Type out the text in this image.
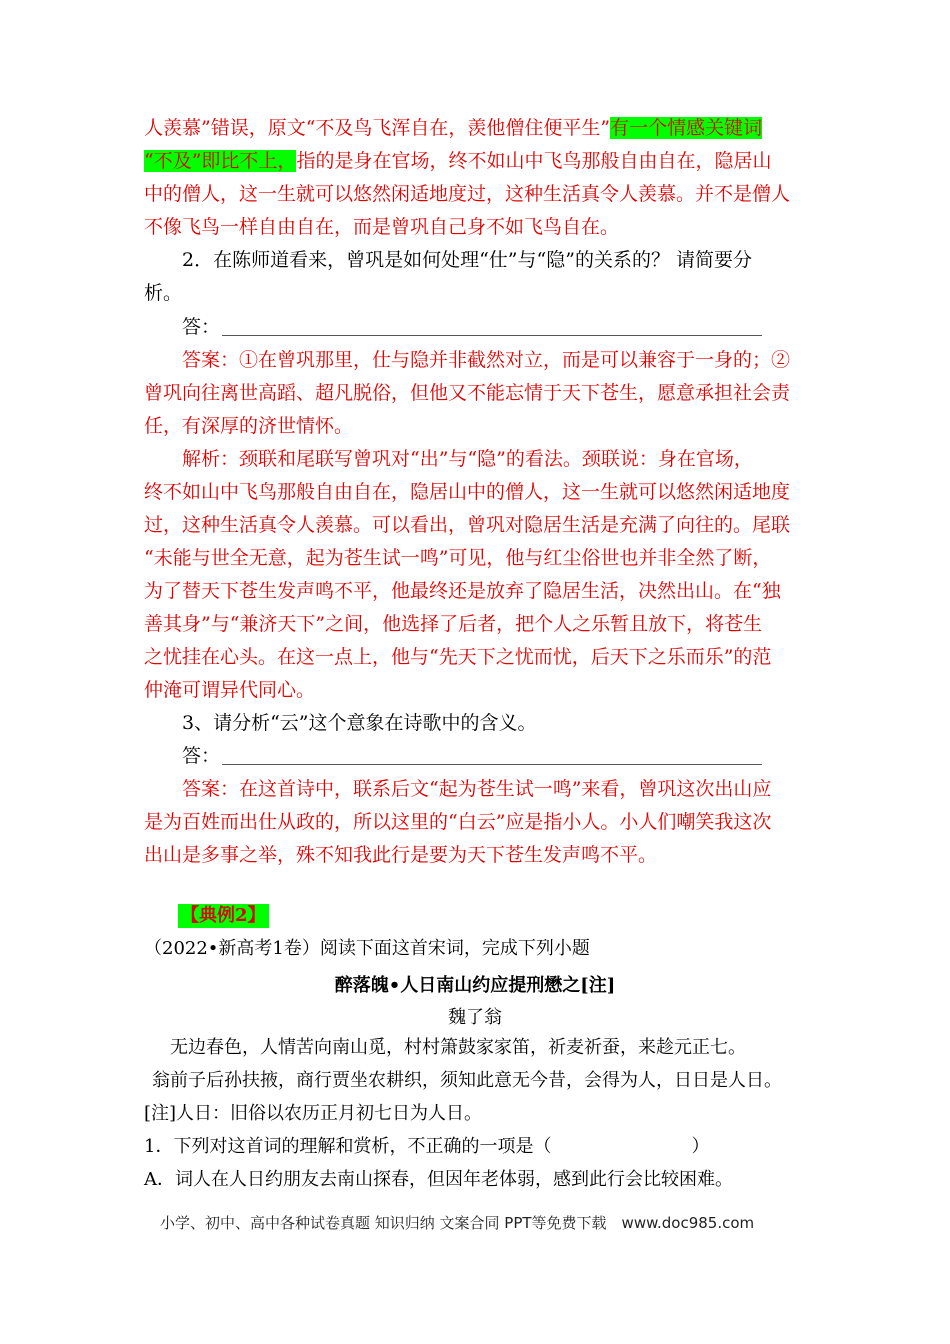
人羡慕”错误，原文“不及鸟飞浑自在，羡他僧住便平生”有一个情感关键词
“不及”即比不上，指的是身在官场，终不如山中飞鸟那般自由自在，隐居山
中的僧人，这一生就可以悠然闲适地度过，这种生活真令人羡慕。并不是僧人
不像飞鸟一样自由自在，而是曾巩自己身不如飞鸟自在。
2．在陈师道看来，曾巩是如何处理“仕”与“隐”的关系的？ 请简要分
析。
答：
答案：①在曾巩那里，仕与隐并非截然对立，而是可以兼容于一身的；②
曾巩向往离世高蹈、超凡脱俗，但他又不能忘情于天下苍生，愿意承担社会责
任，有深厚的济世情怀。
解析：颈联和尾联写曾巩对“出”与“隐”的看法。颈联说：身在官场，
终不如山中飞鸟那般自由自在，隐居山中的僧人，这一生就可以悠然闲适地度
过，这种生活真令人羡慕。可以看出，曾巩对隐居生活是充满了向往的。尾联
“未能与世全无意，起为苍生试一鸣”可见，他与红尘俗世也并非全然了断，
为了替天下苍生发声鸣不平，他最终还是放弃了隐居生活，决然出山。在“独
善其身”与“兼济天下”之间，他选择了后者，把个人之乐暂且放下，将苍生
之忧挂在心头。在这一点上，他与“先天下之忧而忧，后天下之乐而乐”的范
仲淹可谓异代同心。
3、请分析“云”这个意象在诗歌中的含义。
答：
答案：在这首诗中，联系后文“起为苍生试一鸣”来看，曾巩这次出山应
是为百姓而出仕从政的，所以这里的“白云”应是指小人。小人们嘲笑我这次
出山是多事之举，殊不知我此行是要为天下苍生发声鸣不平。
【典例2】
（2022•新高考1卷）阅读下面这首宋词，完成下列小题
醉落魄•人日南山约应提刑懋之[注]
魏了翁
无边春色，人情苦向南山觅，村村箫鼓家家笛，祈麦祈蚕，来趁元正七。
翁前子后孙扶掖，商行贾坐农耕织，须知此意无今昔，会得为人，日日是人日。
[注]人日：旧俗以农历正月初七日为人日。
1．下列对这首词的理解和赏析，不正确的一项是（	）
A．词人在人日约朋友去南山探春，但因年老体弱，感到此行会比较困难。
小学、初中、高中各种试卷真题 知识归纳 文案合同 PPT等免费下载　www.doc985.com
